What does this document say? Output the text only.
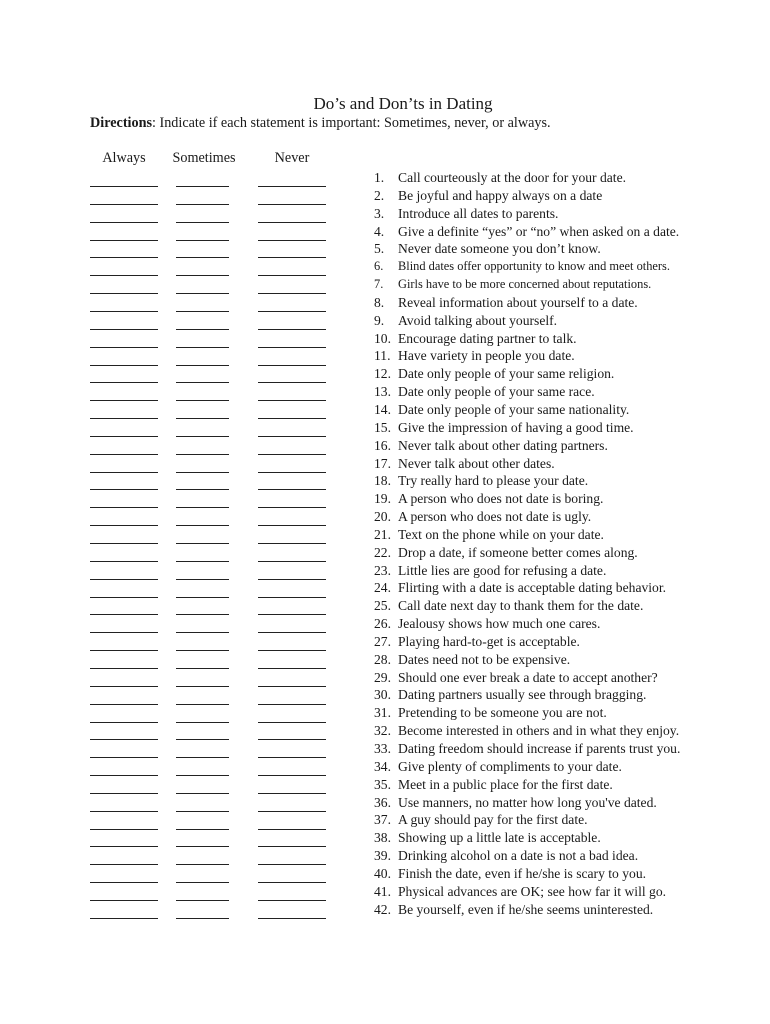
Do’s and Don’ts in Dating
Directions: Indicate if each statement is important: Sometimes, never, or always.
Always	Sometimes	Never
1. Call courteously at the door for your date.
2. Be joyful and happy always on a date
3. Introduce all dates to parents.
4. Give a definite “yes” or “no” when asked on a date.
5. Never date someone you don’t know.
6. Blind dates offer opportunity to know and meet others.
7. Girls have to be more concerned about reputations.
8. Reveal information about yourself to a date.
9. Avoid talking about yourself.
10. Encourage dating partner to talk.
11. Have variety in people you date.
12. Date only people of your same religion.
13. Date only people of your same race.
14. Date only people of your same nationality.
15. Give the impression of having a good time.
16. Never talk about other dating partners.
17. Never talk about other dates.
18. Try really hard to please your date.
19. A person who does not date is boring.
20. A person who does not date is ugly.
21. Text on the phone while on your date.
22. Drop a date, if someone better comes along.
23. Little lies are good for refusing a date.
24. Flirting with a date is acceptable dating behavior.
25. Call date next day to thank them for the date.
26. Jealousy shows how much one cares.
27. Playing hard-to-get is acceptable.
28. Dates need not to be expensive.
29. Should one ever break a date to accept another?
30. Dating partners usually see through bragging.
31. Pretending to be someone you are not.
32. Become interested in others and in what they enjoy.
33. Dating freedom should increase if parents trust you.
34. Give plenty of compliments to your date.
35. Meet in a public place for the first date.
36. Use manners, no matter how long you've dated.
37. A guy should pay for the first date.
38. Showing up a little late is acceptable.
39. Drinking alcohol on a date is not a bad idea.
40. Finish the date, even if he/she is scary to you.
41. Physical advances are OK; see how far it will go.
42. Be yourself, even if he/she seems uninterested.
